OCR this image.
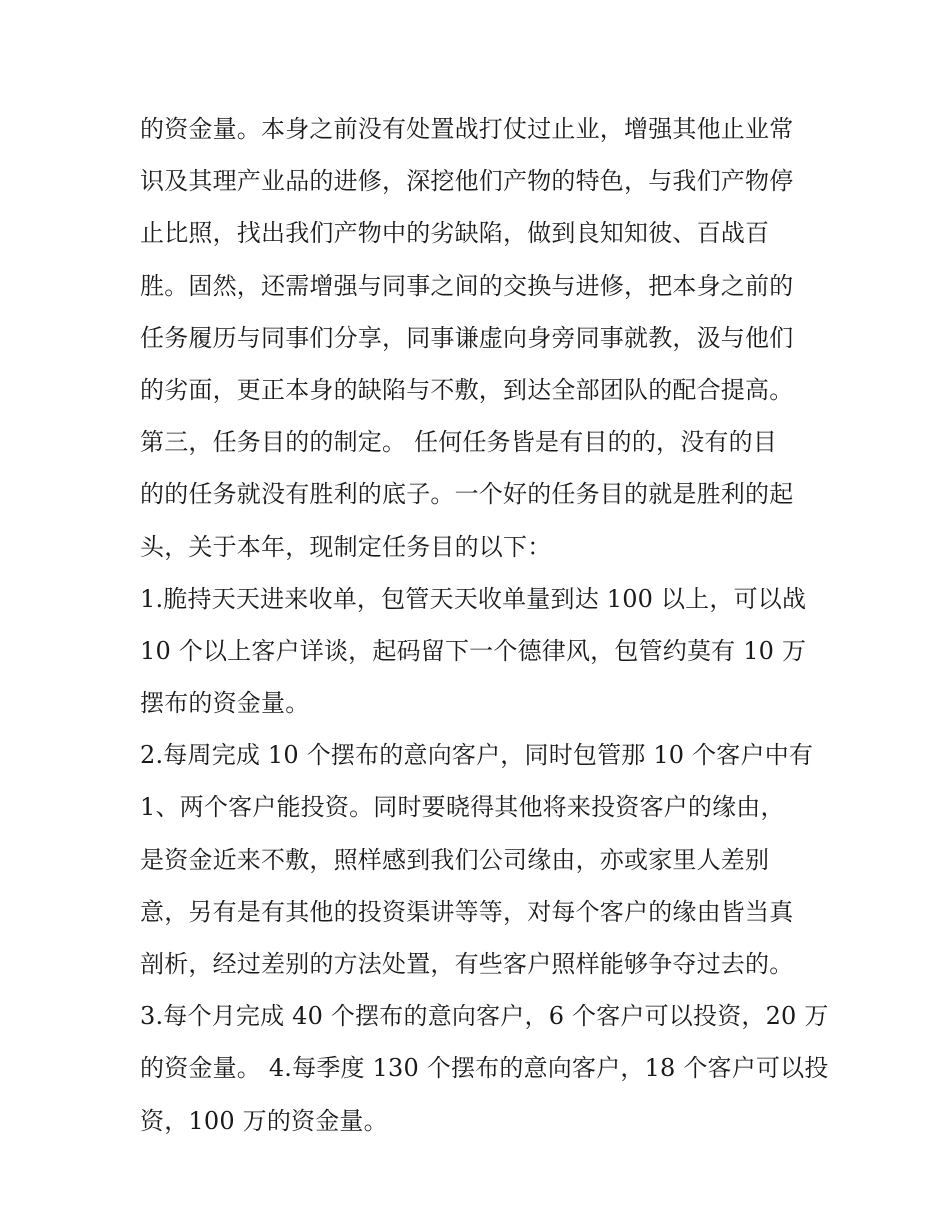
的资金量。本身之前没有处置战打仗过止业，增强其他止业常
识及其理产业品的进修，深挖他们产物的特色，与我们产物停
止比照，找出我们产物中的劣缺陷，做到良知知彼、百战百
胜。固然，还需增强与同事之间的交换与进修，把本身之前的
任务履历与同事们分享，同事谦虚向身旁同事就教，汲与他们
的劣面，更正本身的缺陷与不敷，到达全部团队的配合提高。
第三，任务目的的制定。 任何任务皆是有目的的，没有的目
的的任务就没有胜利的底子。一个好的任务目的就是胜利的起
头，关于本年，现制定任务目的以下：
1.脆持天天进来收单，包管天天收单量到达 100 以上，可以战
10 个以上客户详谈，起码留下一个德律风，包管约莫有 10 万
摆布的资金量。
2.每周完成 10 个摆布的意向客户，同时包管那 10 个客户中有
1、两个客户能投资。同时要晓得其他将来投资客户的缘由，
是资金近来不敷，照样感到我们公司缘由，亦或家里人差别
意，另有是有其他的投资渠讲等等，对每个客户的缘由皆当真
剖析，经过差别的方法处置，有些客户照样能够争夺过去的。
3.每个月完成 40 个摆布的意向客户，6 个客户可以投资，20 万
的资金量。 4.每季度 130 个摆布的意向客户，18 个客户可以投
资，100 万的资金量。
